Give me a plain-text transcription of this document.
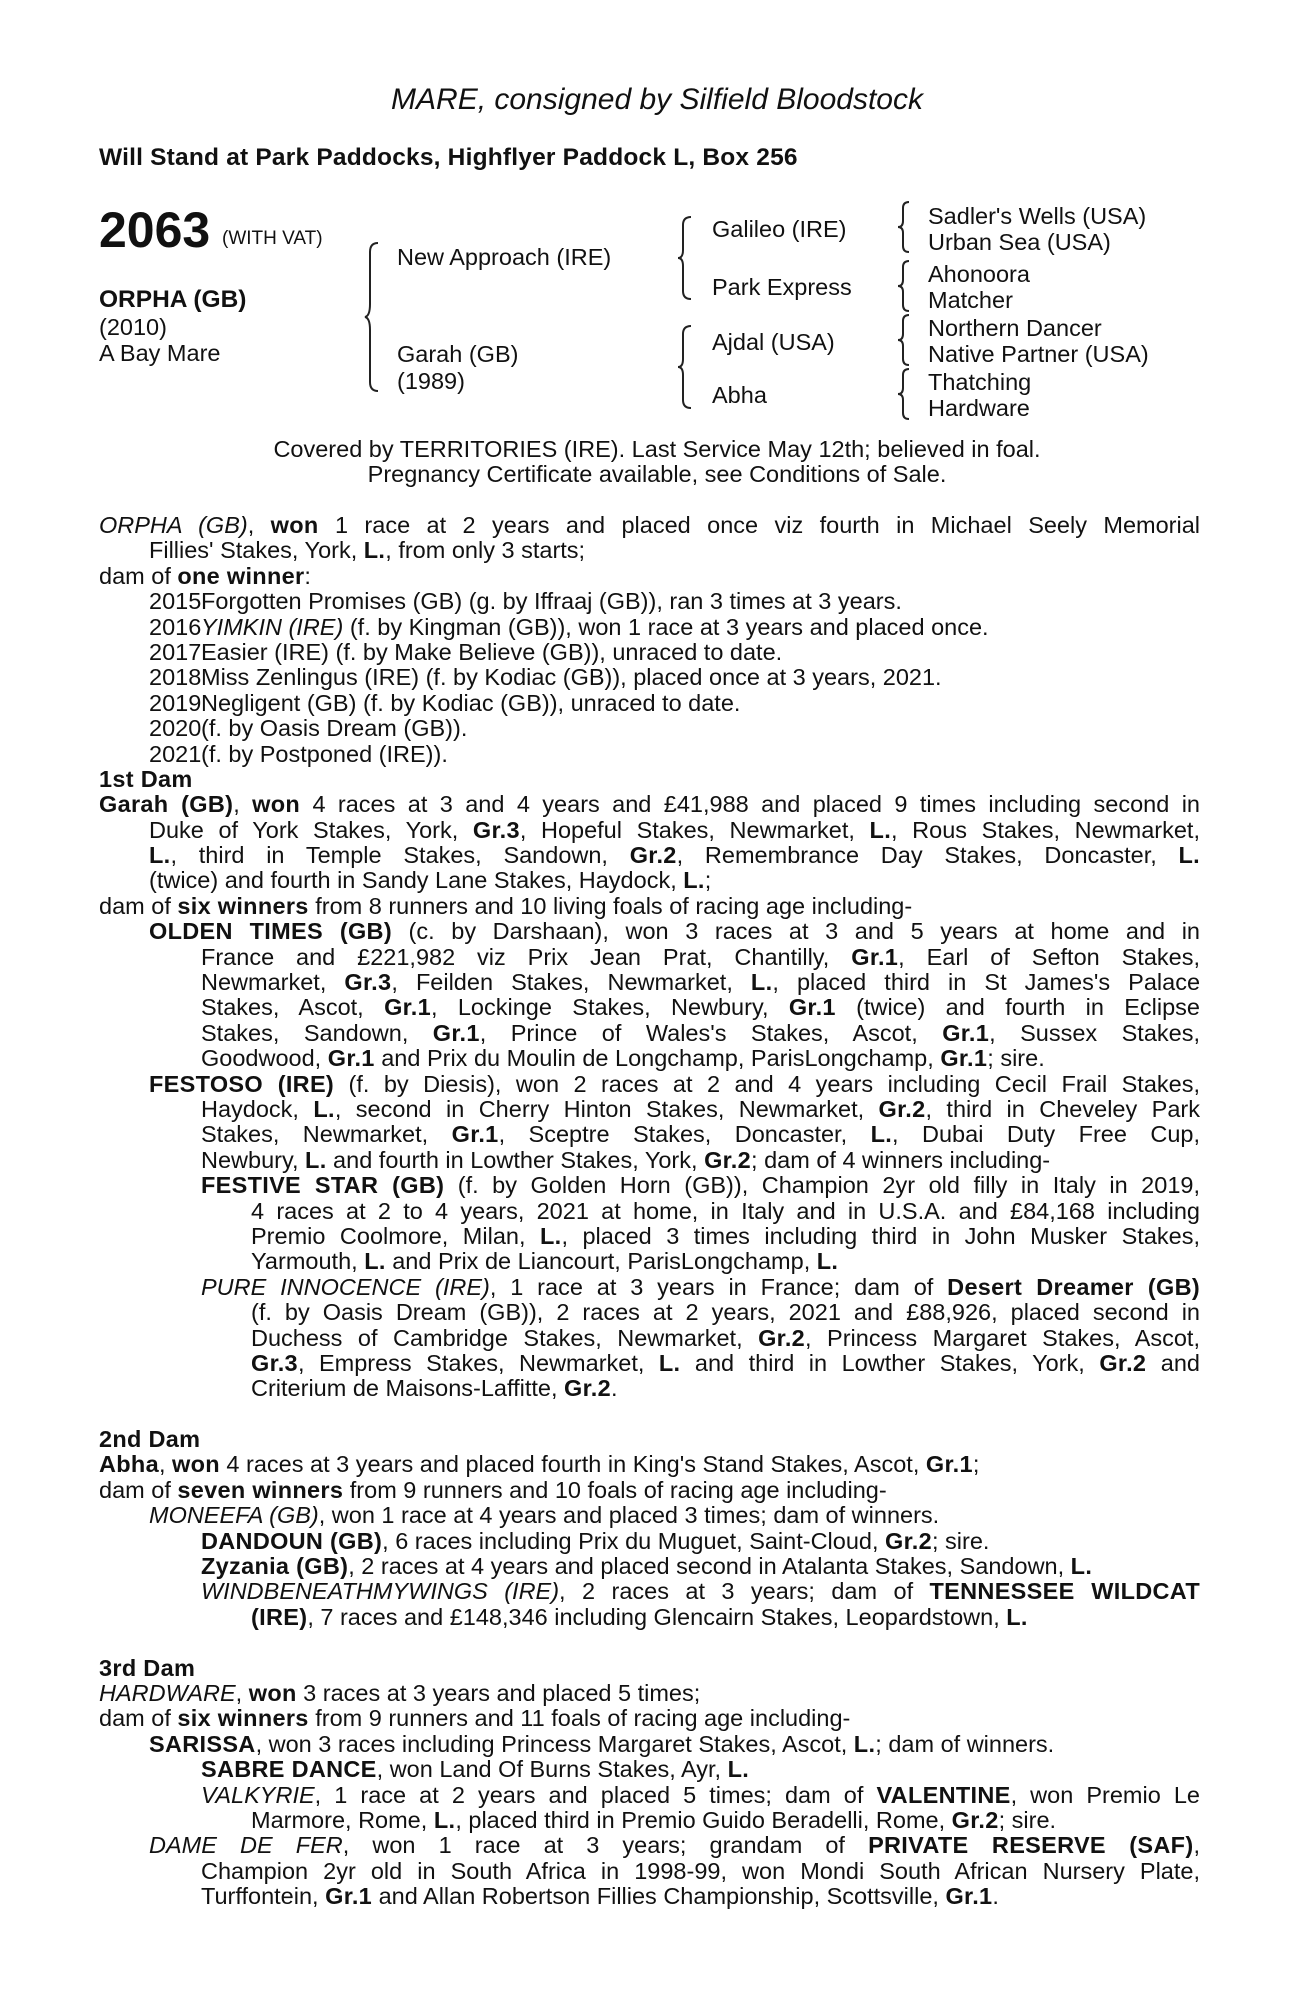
MARE, consigned by Silfield Bloodstock
Will Stand at Park Paddocks, Highflyer Paddock L, Box 256
2063 (WITH VAT)
ORPHA (GB)
(2010)
A Bay Mare
New Approach (IRE)
Garah (GB)
(1989)
Galileo (IRE)
Park Express
Ajdal (USA)
Abha
Sadler's Wells (USA)
Urban Sea (USA)
Ahonoora
Matcher
Northern Dancer
Native Partner (USA)
Thatching
Hardware
Covered by TERRITORIES (IRE). Last Service May 12th; believed in foal.
Pregnancy Certificate available, see Conditions of Sale.
ORPHA (GB), won 1 race at 2 years and placed once viz fourth in Michael Seely Memorial
Fillies' Stakes, York, L., from only 3 starts;
dam of one winner:
2015Forgotten Promises (GB) (g. by Iffraaj (GB)), ran 3 times at 3 years.
2016YIMKIN (IRE) (f. by Kingman (GB)), won 1 race at 3 years and placed once.
2017Easier (IRE) (f. by Make Believe (GB)), unraced to date.
2018Miss Zenlingus (IRE) (f. by Kodiac (GB)), placed once at 3 years, 2021.
2019Negligent (GB) (f. by Kodiac (GB)), unraced to date.
2020(f. by Oasis Dream (GB)).
2021(f. by Postponed (IRE)).
1st Dam
Garah (GB), won 4 races at 3 and 4 years and £41,988 and placed 9 times including second in
Duke of York Stakes, York, Gr.3, Hopeful Stakes, Newmarket, L., Rous Stakes, Newmarket,
L., third in Temple Stakes, Sandown, Gr.2, Remembrance Day Stakes, Doncaster, L.
(twice) and fourth in Sandy Lane Stakes, Haydock, L.;
dam of six winners from 8 runners and 10 living foals of racing age including-
OLDEN TIMES (GB) (c. by Darshaan), won 3 races at 3 and 5 years at home and in
France and £221,982 viz Prix Jean Prat, Chantilly, Gr.1, Earl of Sefton Stakes,
Newmarket, Gr.3, Feilden Stakes, Newmarket, L., placed third in St James's Palace
Stakes, Ascot, Gr.1, Lockinge Stakes, Newbury, Gr.1 (twice) and fourth in Eclipse
Stakes, Sandown, Gr.1, Prince of Wales's Stakes, Ascot, Gr.1, Sussex Stakes,
Goodwood, Gr.1 and Prix du Moulin de Longchamp, ParisLongchamp, Gr.1; sire.
FESTOSO (IRE) (f. by Diesis), won 2 races at 2 and 4 years including Cecil Frail Stakes,
Haydock, L., second in Cherry Hinton Stakes, Newmarket, Gr.2, third in Cheveley Park
Stakes, Newmarket, Gr.1, Sceptre Stakes, Doncaster, L., Dubai Duty Free Cup,
Newbury, L. and fourth in Lowther Stakes, York, Gr.2; dam of 4 winners including-
FESTIVE STAR (GB) (f. by Golden Horn (GB)), Champion 2yr old filly in Italy in 2019,
4 races at 2 to 4 years, 2021 at home, in Italy and in U.S.A. and £84,168 including
Premio Coolmore, Milan, L., placed 3 times including third in John Musker Stakes,
Yarmouth, L. and Prix de Liancourt, ParisLongchamp, L.
PURE INNOCENCE (IRE), 1 race at 3 years in France; dam of Desert Dreamer (GB)
(f. by Oasis Dream (GB)), 2 races at 2 years, 2021 and £88,926, placed second in
Duchess of Cambridge Stakes, Newmarket, Gr.2, Princess Margaret Stakes, Ascot,
Gr.3, Empress Stakes, Newmarket, L. and third in Lowther Stakes, York, Gr.2 and
Criterium de Maisons-Laffitte, Gr.2.
2nd Dam
Abha, won 4 races at 3 years and placed fourth in King's Stand Stakes, Ascot, Gr.1;
dam of seven winners from 9 runners and 10 foals of racing age including-
MONEEFA (GB), won 1 race at 4 years and placed 3 times; dam of winners.
DANDOUN (GB), 6 races including Prix du Muguet, Saint-Cloud, Gr.2; sire.
Zyzania (GB), 2 races at 4 years and placed second in Atalanta Stakes, Sandown, L.
WINDBENEATHMYWINGS (IRE), 2 races at 3 years; dam of TENNESSEE WILDCAT
(IRE), 7 races and £148,346 including Glencairn Stakes, Leopardstown, L.
3rd Dam
HARDWARE, won 3 races at 3 years and placed 5 times;
dam of six winners from 9 runners and 11 foals of racing age including-
SARISSA, won 3 races including Princess Margaret Stakes, Ascot, L.; dam of winners.
SABRE DANCE, won Land Of Burns Stakes, Ayr, L.
VALKYRIE, 1 race at 2 years and placed 5 times; dam of VALENTINE, won Premio Le
Marmore, Rome, L., placed third in Premio Guido Beradelli, Rome, Gr.2; sire.
DAME DE FER, won 1 race at 3 years; grandam of PRIVATE RESERVE (SAF),
Champion 2yr old in South Africa in 1998-99, won Mondi South African Nursery Plate,
Turffontein, Gr.1 and Allan Robertson Fillies Championship, Scottsville, Gr.1.
